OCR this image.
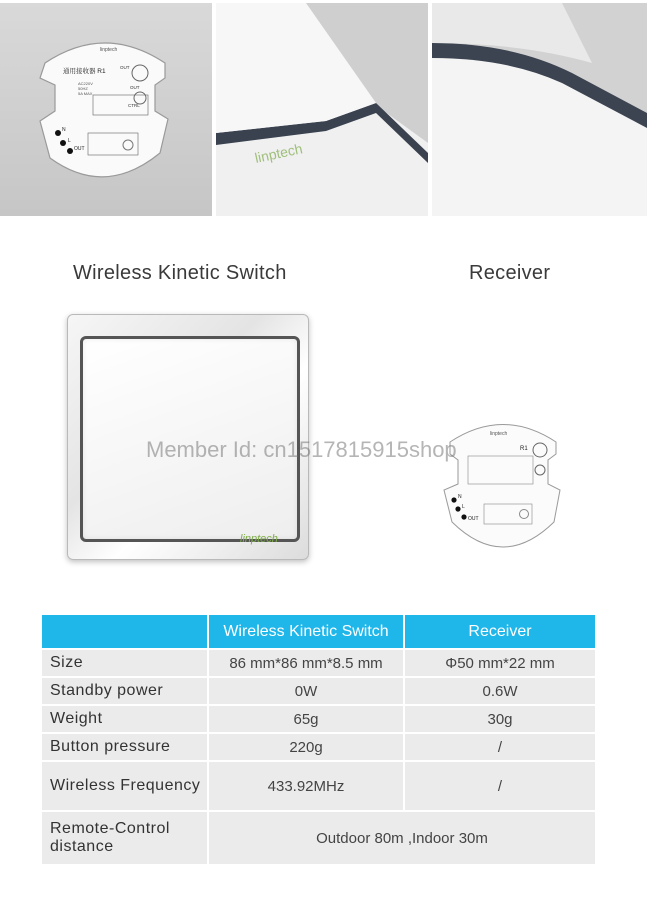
linptech
通用接收器 R1
OUT
OUT
CTRL
AC220V
50HZ
5A MAX
N
L
OUT	linptech
Wireless Kinetic Switch	Receiver
linptech
linptech
R1
N
L
OUT
Member Id: cn1517815915shop
	Wireless Kinetic Switch	Receiver
Size	86 mm*86 mm*8.5 mm	Φ50 mm*22 mm
Standby power	0W	0.6W
Weight	65g	30g
Button pressure	220g	/
Wireless Frequency	433.92MHz	/
Remote-Control distance	Outdoor 80m ,Indoor 30m	
